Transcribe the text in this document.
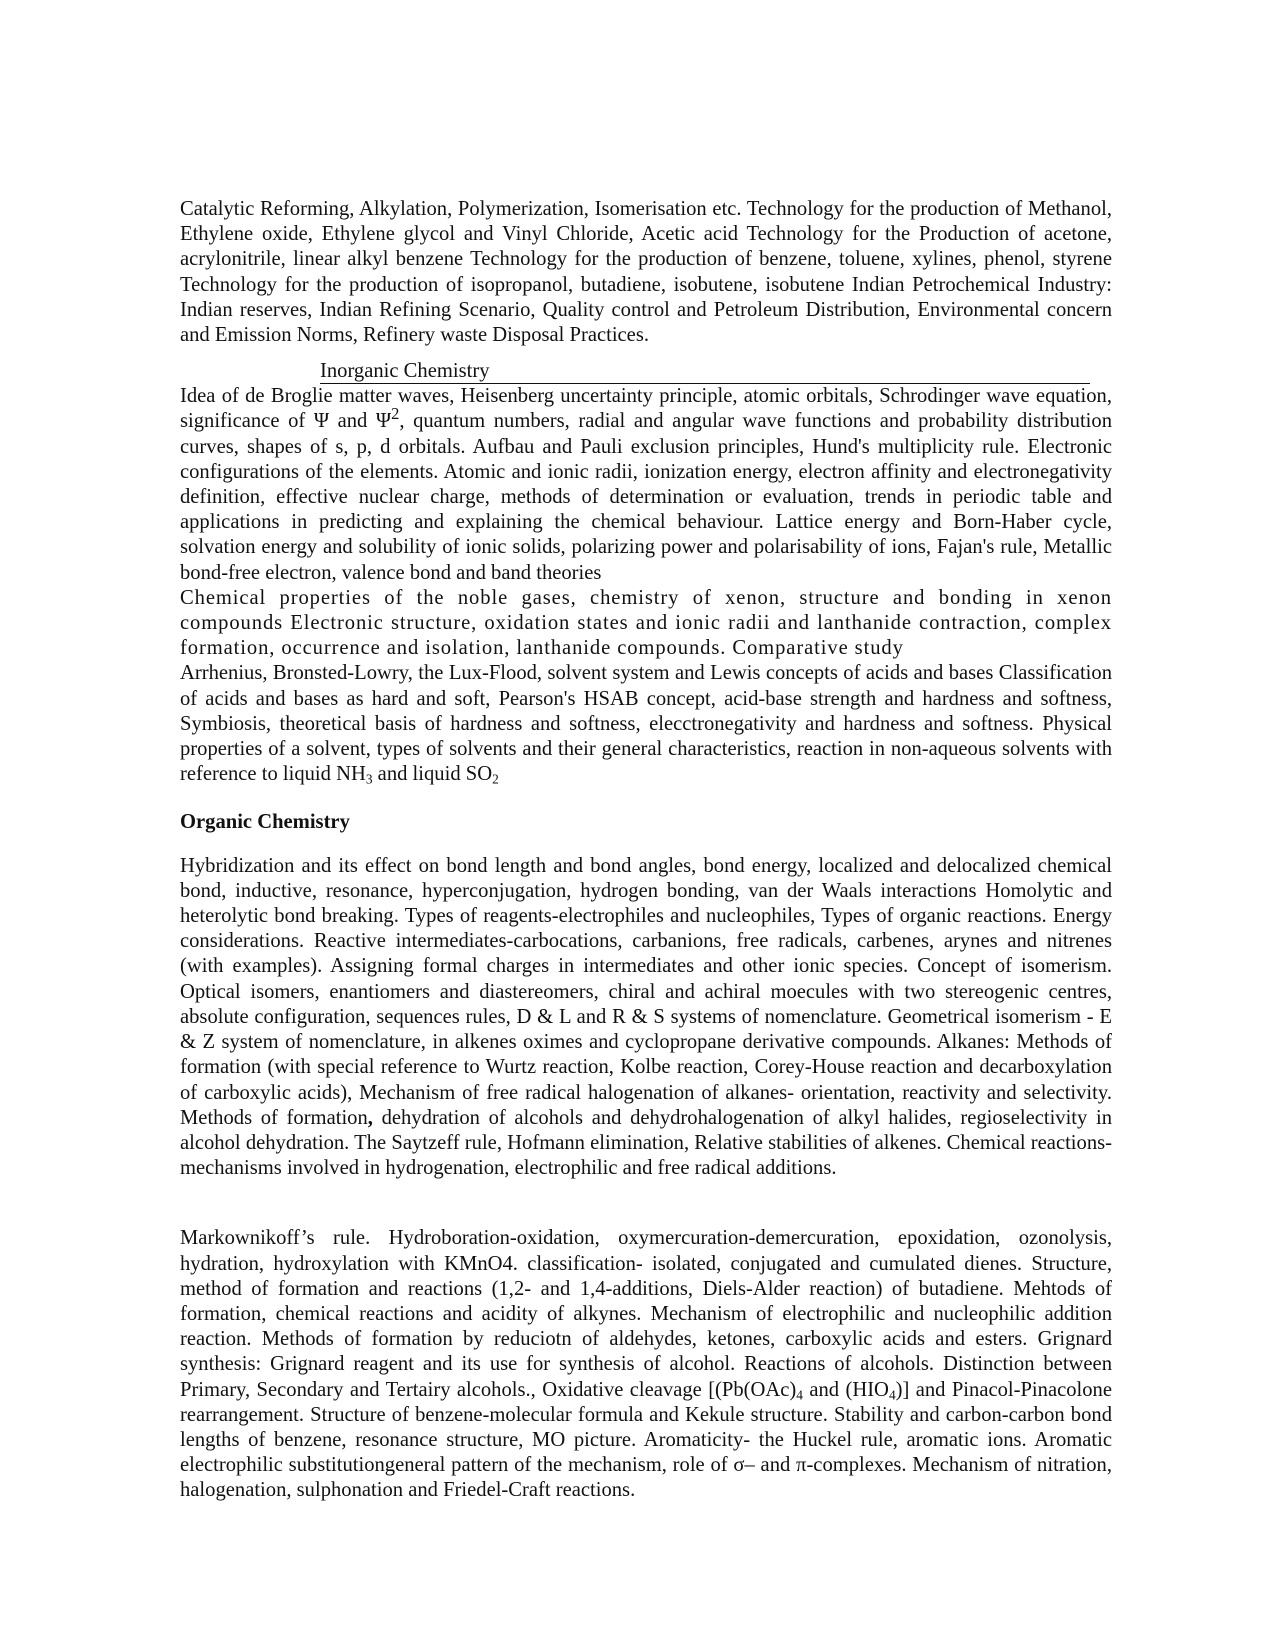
Catalytic Reforming, Alkylation, Polymerization, Isomerisation etc. Technology for the production of Methanol, Ethylene oxide, Ethylene glycol and Vinyl Chloride, Acetic acid Technology for the Production of acetone, acrylonitrile, linear alkyl benzene Technology for the production of benzene, toluene, xylines, phenol, styrene Technology for the production of isopropanol, butadiene, isobutene, isobutene Indian Petrochemical Industry: Indian reserves, Indian Refining Scenario, Quality control and Petroleum Distribution, Environmental concern and Emission Norms, Refinery waste Disposal Practices.

Inorganic Chemistry

Idea of de Broglie matter waves, Heisenberg uncertainty principle, atomic orbitals, Schrodinger wave equation, significance of Ψ and $\Psi^2$, quantum numbers, radial and angular wave functions and probability distribution curves, shapes of s, p, d orbitals. Aufbau and Pauli exclusion principles, Hund's multiplicity rule. Electronic configurations of the elements. Atomic and ionic radii, ionization energy, electron affinity and electronegativity definition, effective nuclear charge, methods of determination or evaluation, trends in periodic table and applications in predicting and explaining the chemical behaviour. Lattice energy and Born-Haber cycle, solvation energy and solubility of ionic solids, polarizing power and polarisability of ions, Fajan's rule, Metallic bond-free electron, valence bond and band theories

Chemical properties of the noble gases, chemistry of xenon, structure and bonding in xenon compounds Electronic structure, oxidation states and ionic radii and lanthanide contraction, complex formation, occurrence and isolation, lanthanide compounds. Comparative study

Arrhenius, Bronsted-Lowry, the Lux-Flood, solvent system and Lewis concepts of acids and bases Classification of acids and bases as hard and soft, Pearson's HSAB concept, acid-base strength and hardness and softness, Symbiosis, theoretical basis of hardness and softness, elecctronegativity and hardness and softness. Physical properties of a solvent, types of solvents and their general characteristics, reaction in non-aqueous solvents with reference to liquid $NH_3$ and liquid $SO_2$

Organic Chemistry

Hybridization and its effect on bond length and bond angles, bond energy, localized and delocalized chemical bond, inductive, resonance, hyperconjugation, hydrogen bonding, van der Waals interactions Homolytic and heterolytic bond breaking. Types of reagents-electrophiles and nucleophiles, Types of organic reactions. Energy considerations. Reactive intermediates-carbocations, carbanions, free radicals, carbenes, arynes and nitrenes (with examples). Assigning formal charges in intermediates and other ionic species. Concept of isomerism. Optical isomers, enantiomers and diastereomers, chiral and achiral moecules with two stereogenic centres, absolute configuration, sequences rules, D & L and R & S systems of nomenclature. Geometrical isomerism - E & Z system of nomenclature, in alkenes oximes and cyclopropane derivative compounds. Alkanes: Methods of formation (with special reference to Wurtz reaction, Kolbe reaction, Corey-House reaction and decarboxylation of carboxylic acids), Mechanism of free radical halogenation of alkanes- orientation, reactivity and selectivity. Methods of formation, dehydration of alcohols and dehydrohalogenation of alkyl halides, regioselectivity in alcohol dehydration. The Saytzeff rule, Hofmann elimination, Relative stabilities of alkenes. Chemical reactions-mechanisms involved in hydrogenation, electrophilic and free radical additions.

Markownikoff’s rule. Hydroboration-oxidation, oxymercuration-demercuration, epoxidation, ozonolysis, hydration, hydroxylation with KMnO4. classification- isolated, conjugated and cumulated dienes. Structure, method of formation and reactions (1,2- and 1,4-additions, Diels-Alder reaction) of butadiene. Mehtods of formation, chemical reactions and acidity of alkynes. Mechanism of electrophilic and nucleophilic addition reaction. Methods of formation by reduciotn of aldehydes, ketones, carboxylic acids and esters. Grignard synthesis: Grignard reagent and its use for synthesis of alcohol. Reactions of alcohols. Distinction between Primary, Secondary and Tertairy alcohols., Oxidative cleavage [($Pb(OAc)_4$ and $(HIO_4)$] and Pinacol-Pinacolone rearrangement. Structure of benzene-molecular formula and Kekule structure. Stability and carbon-carbon bond lengths of benzene, resonance structure, MO picture. Aromaticity- the Huckel rule, aromatic ions. Aromatic electrophilic substitutiongeneral pattern of the mechanism, role of σ– and π-complexes. Mechanism of nitration, halogenation, sulphonation and Friedel-Craft reactions.
